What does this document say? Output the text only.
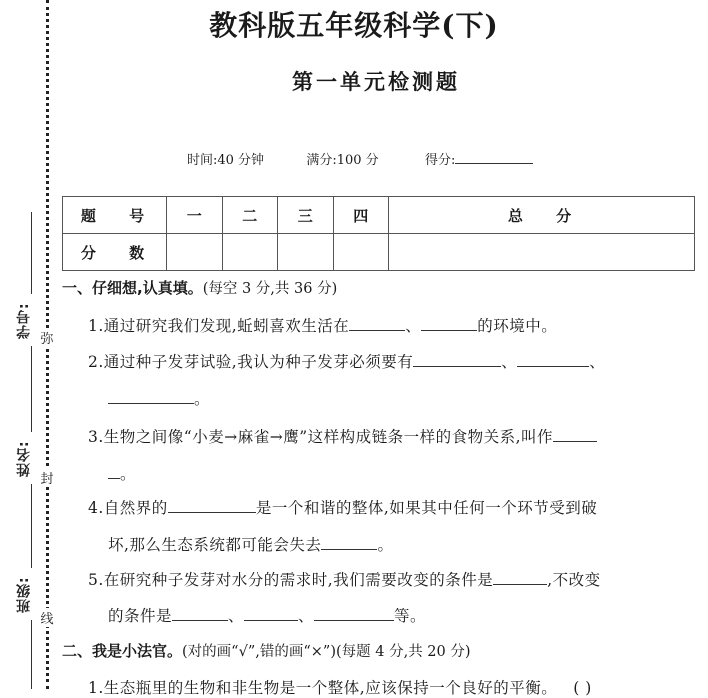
学号:
姓名:
班级:
弥
封
线
教科版五年级科学(下)
第一单元检测题
时间:40 分钟	满分:100 分	得分:
题 号	一	二	三	四	总 分
分 数					
一、仔细想,认真填。(每空 3 分,共 36 分)
1.通过研究我们发现,蚯蚓喜欢生活在	、	的环境中。
2.通过种子发芽试验,我认为种子发芽必须要有	、	、
。
3.生物之间像“小麦→麻雀→鹰”这样构成链条一样的食物关系,叫作
。
4.自然界的	是一个和谐的整体,如果其中任何一个环节受到破
坏,那么生态系统都可能会失去	。
5.在研究种子发芽对水分的需求时,我们需要改变的条件是	,不改变
的条件是	、	、	等。
二、我是小法官。(对的画“√”,错的画“×”)(每题 4 分,共 20 分)
1.生态瓶里的生物和非生物是一个整体,应该保持一个良好的平衡。 ( )
